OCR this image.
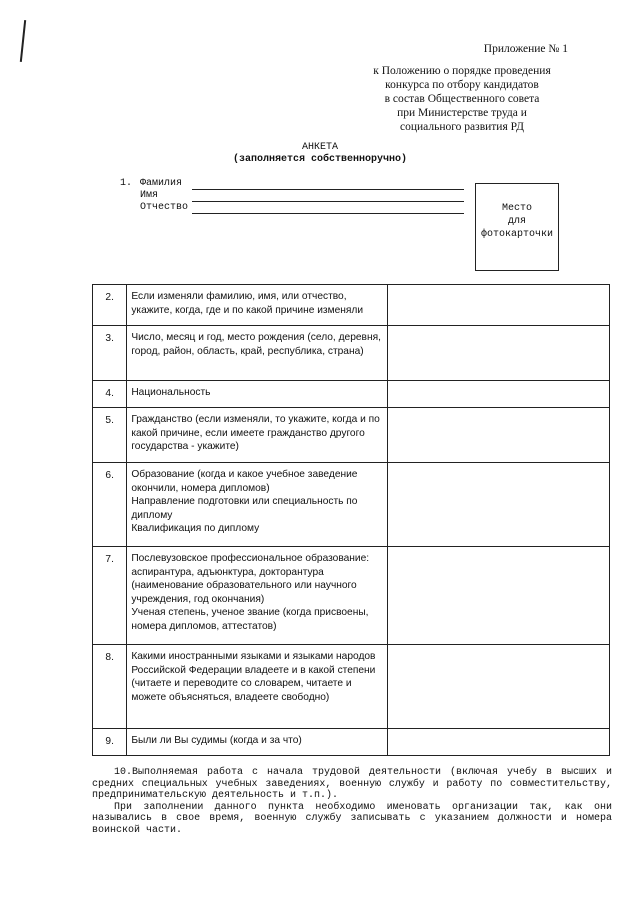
Приложение № 1
к Положению о порядке проведения
конкурса по отбору кандидатов
в состав Общественного совета
при Министерстве труда и
социального развития РД
АНКЕТА
(заполняется собственноручно)
1. Фамилия
Имя
Отчество	Место
для
фотокарточки
2.	Если изменяли фамилию, имя, или отчество, укажите, когда, где и по какой причине изменяли	

3.	Число, месяц и год, место рождения (село, деревня, город, район, область, край, республика, страна)	

4.	Национальность	

5.	Гражданство (если изменяли, то укажите, когда и по какой причине, если имеете гражданство другого государства - укажите)	

6.	Образование (когда и какое учебное заведение окончили, номера дипломов)
Направление подготовки или специальность по диплому
Квалификация по диплому	

7.	Послевузовское профессиональное образование: аспирантура, адъюнктура, докторантура (наименование образовательного или научного учреждения, год окончания)
Ученая степень, ученое звание (когда присвоены, номера дипломов, аттестатов)	

8.	Какими иностранными языками и языками народов Российской Федерации владеете и в какой степени (читаете и переводите со словарем, читаете и можете объясняться, владеете свободно)	

9.	Были ли Вы судимы (когда и за что)	

10.Выполняемая работа с начала трудовой деятельности (включая учебу в высших и средних специальных учебных заведениях, военную службу и работу по совместительству, предпринимательскую деятельность и т.п.).

При заполнении данного пункта необходимо именовать организации так, как они назывались в свое время, военную службу записывать с указанием должности и номера воинской части.
